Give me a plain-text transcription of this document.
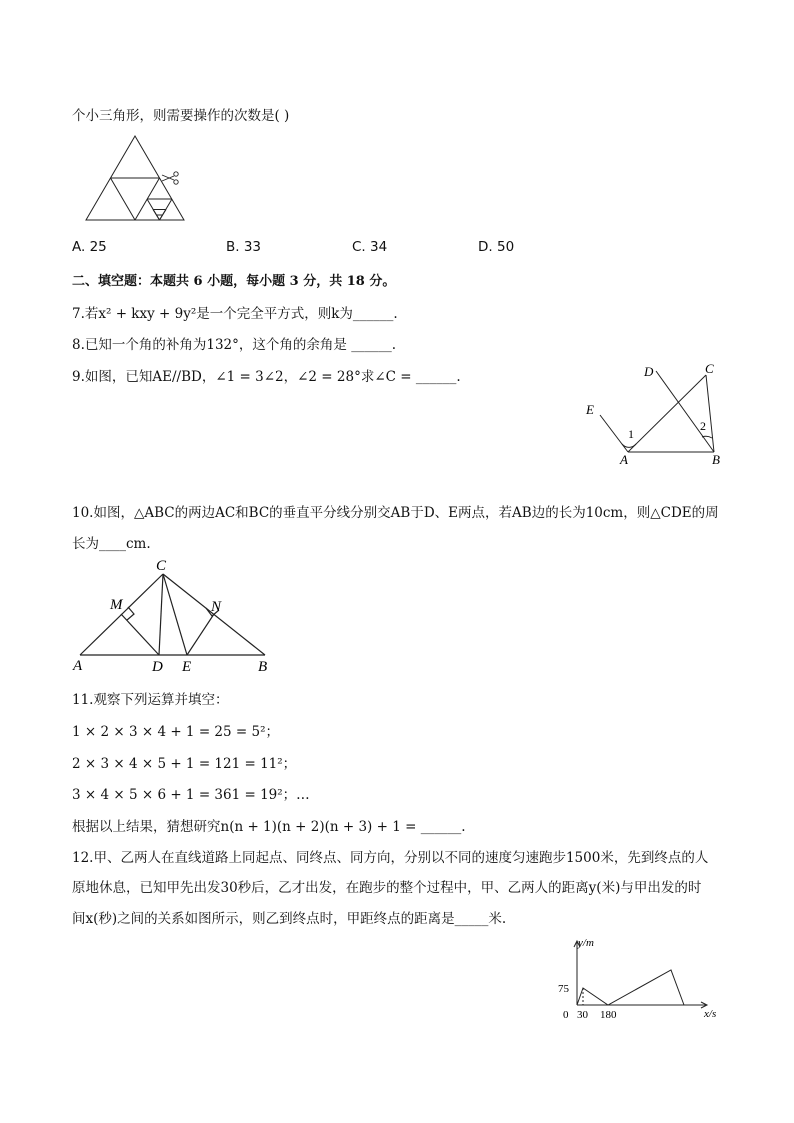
个小三角形，则需要操作的次数是( )
A. 25	B. 33	C. 34	D. 50
二、填空题：本题共 6 小题，每小题 3 分，共 18 分。
7.若x² + kxy + 9y²是一个完全平方式，则k为______.
8.已知一个角的补角为132°，这个角的余角是 ______.
9.如图，已知AE//BD，∠1 = 3∠2，∠2 = 28°求∠C = ______.	D	C
E
1
2
A	B
10.如图，△ABC的两边AC和BC的垂直平分线分别交AB于D、E两点，若AB边的长为10cm，则△CDE的周
长为____cm.
C
M	N
A	D E	B
11.观察下列运算并填空：
1 × 2 × 3 × 4 + 1 = 25 = 5²；
2 × 3 × 4 × 5 + 1 = 121 = 11²；
3 × 4 × 5 × 6 + 1 = 361 = 19²；…
根据以上结果，猜想研究n(n + 1)(n + 2)(n + 3) + 1 = ______.
12.甲、乙两人在直线道路上同起点、同终点、同方向，分别以不同的速度匀速跑步1500米，先到终点的人
原地休息，已知甲先出发30秒后，乙才出发，在跑步的整个过程中，甲、乙两人的距离y(米)与甲出发的时
间x(秒)之间的关系如图所示，则乙到终点时，甲距终点的距离是_____米.
y/m
x/s
0
75
30 180
